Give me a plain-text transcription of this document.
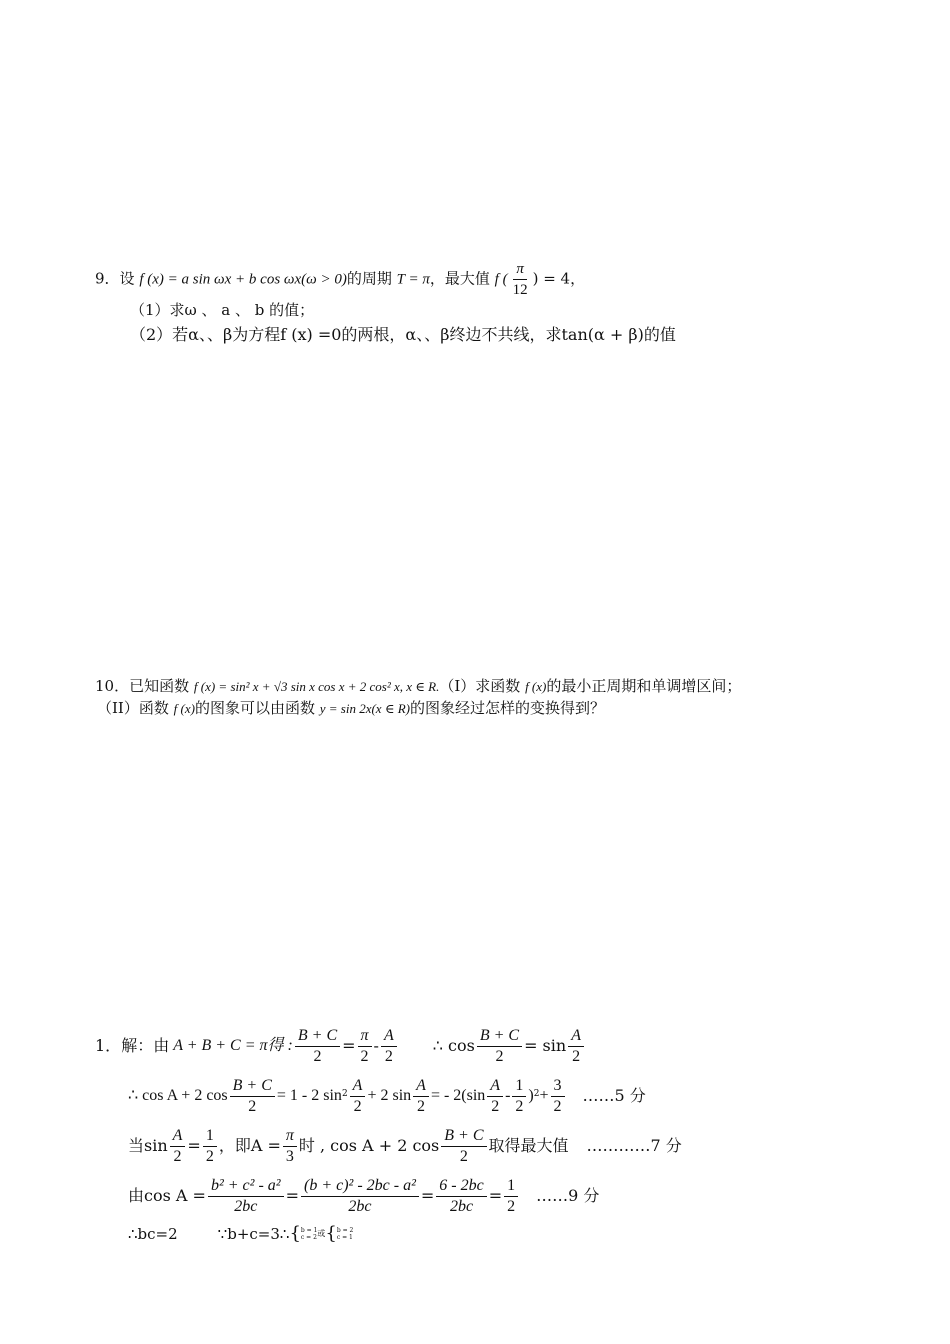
9．设 f (x) = a sin ωx + b cos ωx(ω > 0)的周期 T = π，最大值 f ( $\frac{\pi}{12}$ ) = 4，
（1）求ω 、 a 、 b 的值；
（2）若α、、β为方程f (x) =0的两根，α、、β终边不共线，求tan(α + β)的值
10．已知函数 f (x) = sin² x + √3 sin x cos x + 2 cos² x, x ∈ R.（I）求函数 f (x)的最小正周期和单调增区间；
（II）函数 f (x)的图象可以由函数 y = sin 2x(x ∈ R)的图象经过怎样的变换得到？
1． 解：由 A + B + C = π得 : $\frac{B + C}{2} = \frac{\pi}{2} - \frac{A}{2}$ ∴ $\cos \frac{B + C}{2} = \sin \frac{A}{2}$
∴ cos A + 2 $\cos \frac{B + C}{2} = 1 - 2$ $\sin 2 \frac{A}{2} + 2$ $\sin \frac{A}{2}$ = - $2(\sin \frac{A}{2} - \frac{1}{2}$ ) $2 + \frac{3}{2}$ ……5 分
当$\sin \frac{A}{2} = \frac{1}{2}$ ，即$A = \frac{\pi}{3}$ 时 , cos A + 2 $\cos \frac{B + C}{2}$ 取得最大值 …………7 分
由$\cos A = \frac{\text{b² + c² - a²}}{2bc} = \frac{\text{(b + c)² - 2bc - a²}}{2bc} = \frac{6 - 2bc}{2bc} = \frac{1}{2}$ ……9 分
∴bc=2	∵b+c=3∴ { b = 1
c = 2 或 { b = 2
c = 1
